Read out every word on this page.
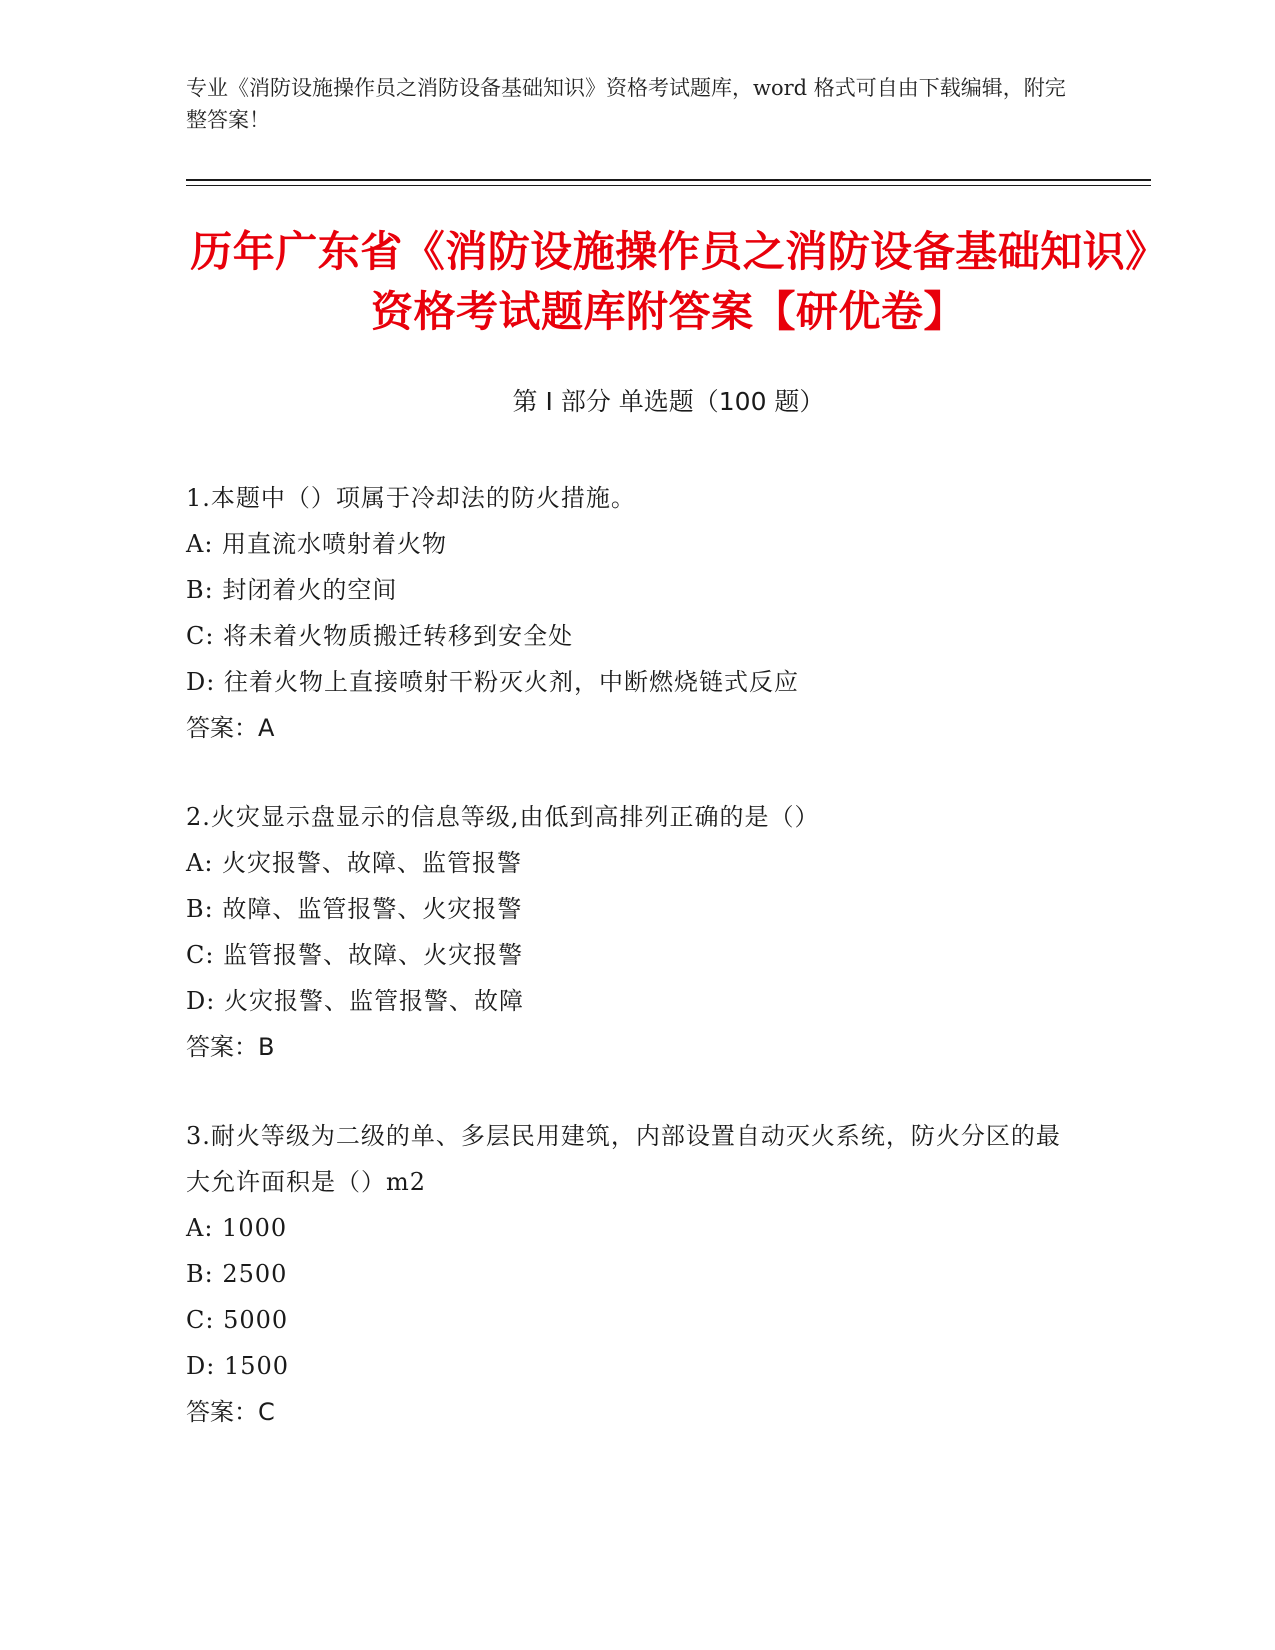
专业《消防设施操作员之消防设备基础知识》资格考试题库，word 格式可自由下载编辑，附完整答案！
历年广东省《消防设施操作员之消防设备基础知识》资格考试题库附答案【研优卷】
第 I 部分 单选题（100 题）
1.本题中（）项属于冷却法的防火措施。
A: 用直流水喷射着火物
B: 封闭着火的空间
C: 将未着火物质搬迁转移到安全处
D: 往着火物上直接喷射干粉灭火剂，中断燃烧链式反应
答案：A
2.火灾显示盘显示的信息等级,由低到高排列正确的是（）
A: 火灾报警、故障、监管报警
B: 故障、监管报警、火灾报警
C: 监管报警、故障、火灾报警
D: 火灾报警、监管报警、故障
答案：B
3.耐火等级为二级的单、多层民用建筑，内部设置自动灭火系统，防火分区的最大允许面积是（）m2
A: 1000
B: 2500
C: 5000
D: 1500
答案：C
